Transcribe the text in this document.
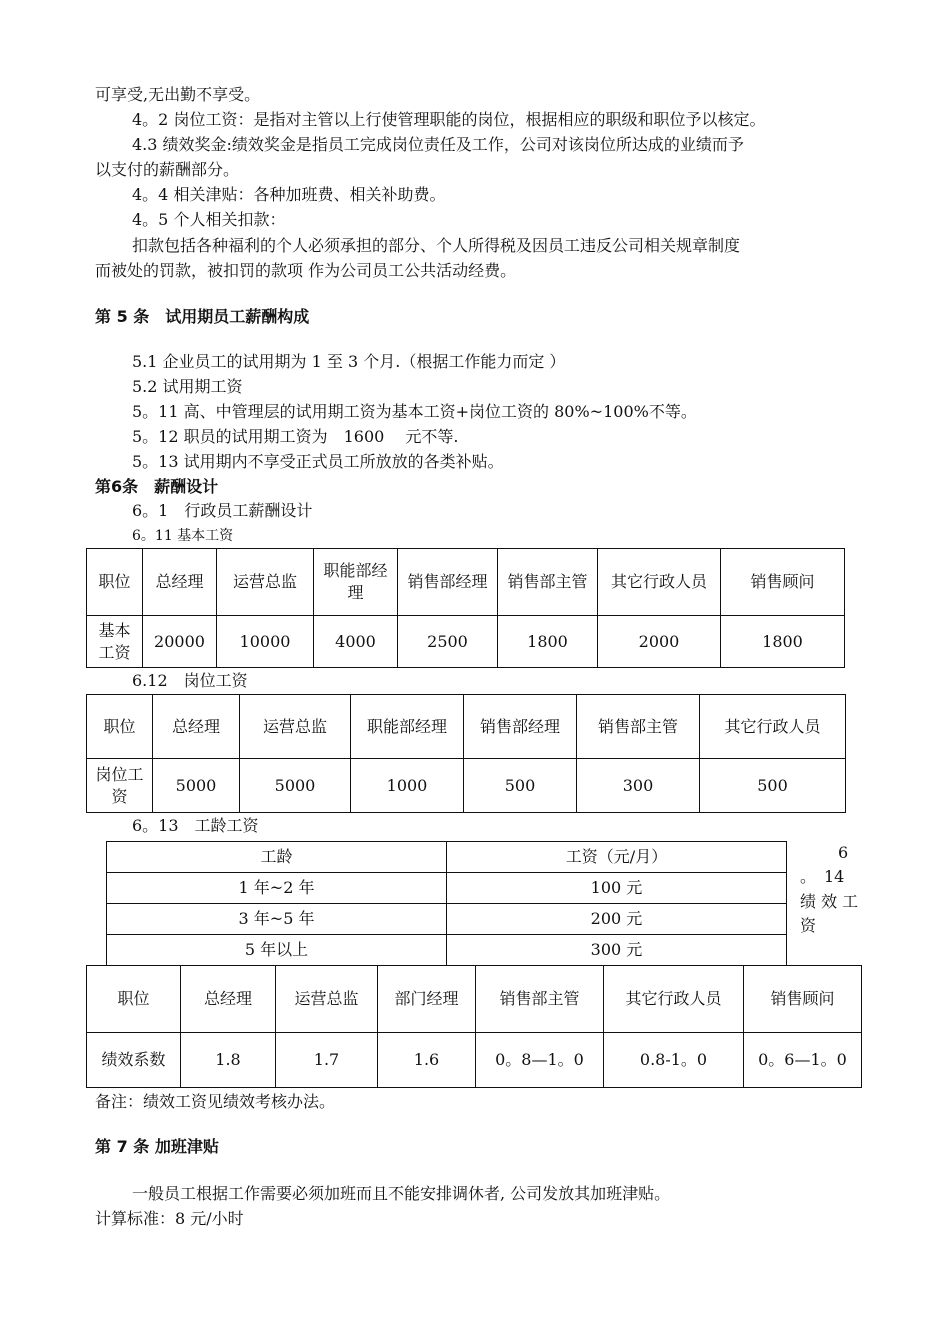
可享受,无出勤不享受。
4。2 岗位工资：是指对主管以上行使管理职能的岗位，根据相应的职级和职位予以核定。
4.3 绩效奖金:绩效奖金是指员工完成岗位责任及工作，公司对该岗位所达成的业绩而予
以支付的薪酬部分。
4。4 相关津贴：各种加班费、相关补助费。
4。5 个人相关扣款：
扣款包括各种福利的个人必须承担的部分、个人所得税及因员工违反公司相关规章制度
而被处的罚款，被扣罚的款项 作为公司员工公共活动经费。
第 5 条　试用期员工薪酬构成
5.1 企业员工的试用期为 1 至 3 个月.（根据工作能力而定 ）
5.2 试用期工资
5。11 高、中管理层的试用期工资为基本工资+岗位工资的 80%~100%不等。
5。12 职员的试用期工资为　1600　 元不等.
5。13 试用期内不享受正式员工所放放的各类补贴。
第6条　薪酬设计
6。1　行政员工薪酬设计
6。11 基本工资
职位	总经理	运营总监	职能部经理	销售部经理	销售部主管	其它行政人员	销售顾问
基本工资	20000	10000	4000	2500	1800	2000	1800
6.12　岗位工资
职位	总经理	运营总监	职能部经理	销售部经理	销售部主管	其它行政人员
岗位工资	5000	5000	1000	500	300	500
6。13　工龄工资
工龄	工资（元/月）
1 年~2 年	100 元
3 年~5 年	200 元
5 年以上	300 元
6
。　14
绩 效 工
资
职位	总经理	运营总监	部门经理	销售部主管	其它行政人员	销售顾问
绩效系数	1.8	1.7	1.6	0。8—1。0	0.8-1。0	0。6—1。0
备注：绩效工资见绩效考核办法。
第 7 条 加班津贴
一般员工根据工作需要必须加班而且不能安排调休者, 公司发放其加班津贴。
计算标准：8 元/小时
